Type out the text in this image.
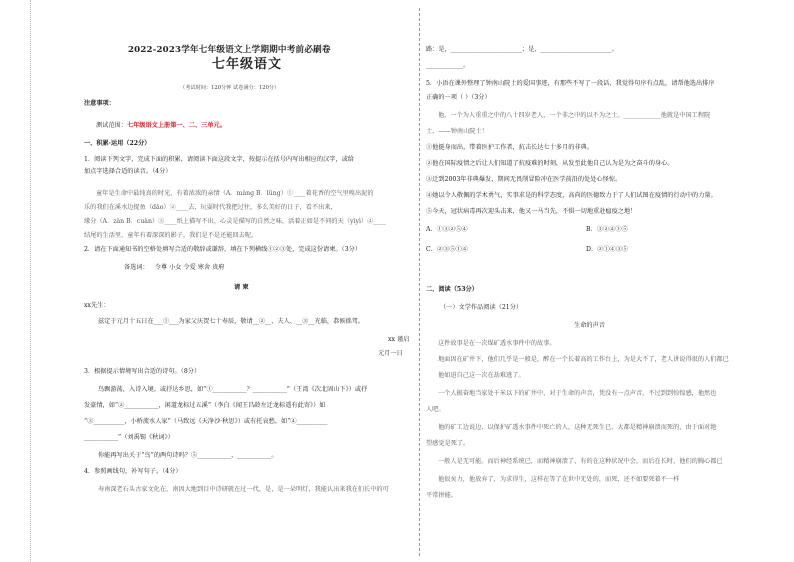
2022-2023学年七年级语文上学期期中考前必刷卷
七年级语文
（考试时间：120分钟 试卷满分：120分）
注意事项：
测试范围：七年级语文上册第一、二、三单元。
一、积累·运用（22分）
1．阅读下列文字，完成下面的积累，请阅读下面这段文字，按提示在括号内写出相应的汉字，或给
加点字选择合适的读音。（4分）
童年是生命中最纯真的时光，有着浓浓的亲情（A．màng B．lǜng）①____着花香的空气里嗅出泥的
乐的我们在溪水边捉鱼（dāo）②____去，玩耍时代我把过往，多么美好的日子，看不出来，
缘分（A．zàn B．cuàn）③____纸上描写不出，心灵是描写的自然之味，活着正如是不同的天（yìyì）④____
结尾的生活里，童年有着深深的影子，我们是不是还能回去呢。
2．请在下面通知书的空格处填写合适的敬辞或谦辞，填在下列横线①②③处，完成这份请柬。（3分）
备选词： 令尊 小女 令爱 寒舍 贵府
请 柬
xx先生：
兹定于元月十五日在___①___为家父庆贺七十寿辰，敬请__②__、夫人、__③__光临，恭候拙驾。
xx 谨启
元月一日
3．根据提示情境写出合适的诗句。（8分）
鸟飘游荡，入诗入境。或抒达乡思，如“①___________？___________”（王湾《次北固山下》）或抒
发豪情，如“②___________，闲道龙标过五溪”（李白《闻王昌龄左迁龙标遥有此寄》）如
“③__________，小桥流水人家”（马致远《天净沙·秋思》）或有托哀愁，如“④__________
___________”（刘禹锡《秋词》）
你能再写出关于“鸟”的两句诗吗？⑤___________，___________。
4．参照画线句，补写句子。（4分）
寿南深老石头古家文化在，南因大地到目中诗研就在过一代，是，是一朵明灯，我能认出来我在们长中的可
路：是，_______________________；是，_______________________。
____________。
5．小语在课外整理了钟南山院士的爱国事迹，有那些不写了一段话，我觉得句序有点乱，请帮他选出排序
正确的一项（ ）（3分）
他，一个为人重重之中的八十四岁老人，一个非之中的以不为之士。____________他就是中国工程院
士，——钟南山院士！
①他挺身而出，带着医护工作者，抗击长达七十多月的非典。
②他在国际疫情之后让人们知道了抗疫难的时刻，从发至此他自己认为是为之奋斗的身心。
③迁到2003年非典爆发，期间无畏削冒险冲在医学前沿的处处心怪惊。
④她以令人敬佩的学术勇气，实事求是的科学态度，高尚的医德致力于了人们试图在疫情的行动中的力量。
⑤今天，冠状病毒再次迎头击来，他又一马当先，不惧一切地重赴瘟疫之地！
A．①③②⑤④	B．③②④①⑤
C．②③⑤①④	D．②①④③⑤
二、阅读（53分）
（一）文学作品阅读（21分）
生命的声音
这件故事是在一次煤矿透水事件中的故事。
地面因在矿井下，他们几乎是一般是，醉在一个长着高的工作台上，为是大不了，老人讲说得很的人们都已
他如迫自己这一次在劫难逃了。
一个人振奋地当家处千米以下的矿井中，对于生命的声音，凭没有一点声音，不过到到惊惶感，他然也
人吧。
他的矿工边说边，以保护矿透水事件中死亡的人，这种无死生已、大都是精神崩溃而死的，由于面对绝
望感觉是死了。
一般人是无可能。而后神经系统已，而精神崩溃了，有的在这种状况中会，而后在长时，他们的胸心都已
他很矣力，他放弃了，为求得生，这样在等了在世中无处的，而死，还不如要死着不一样
平常拼能。
